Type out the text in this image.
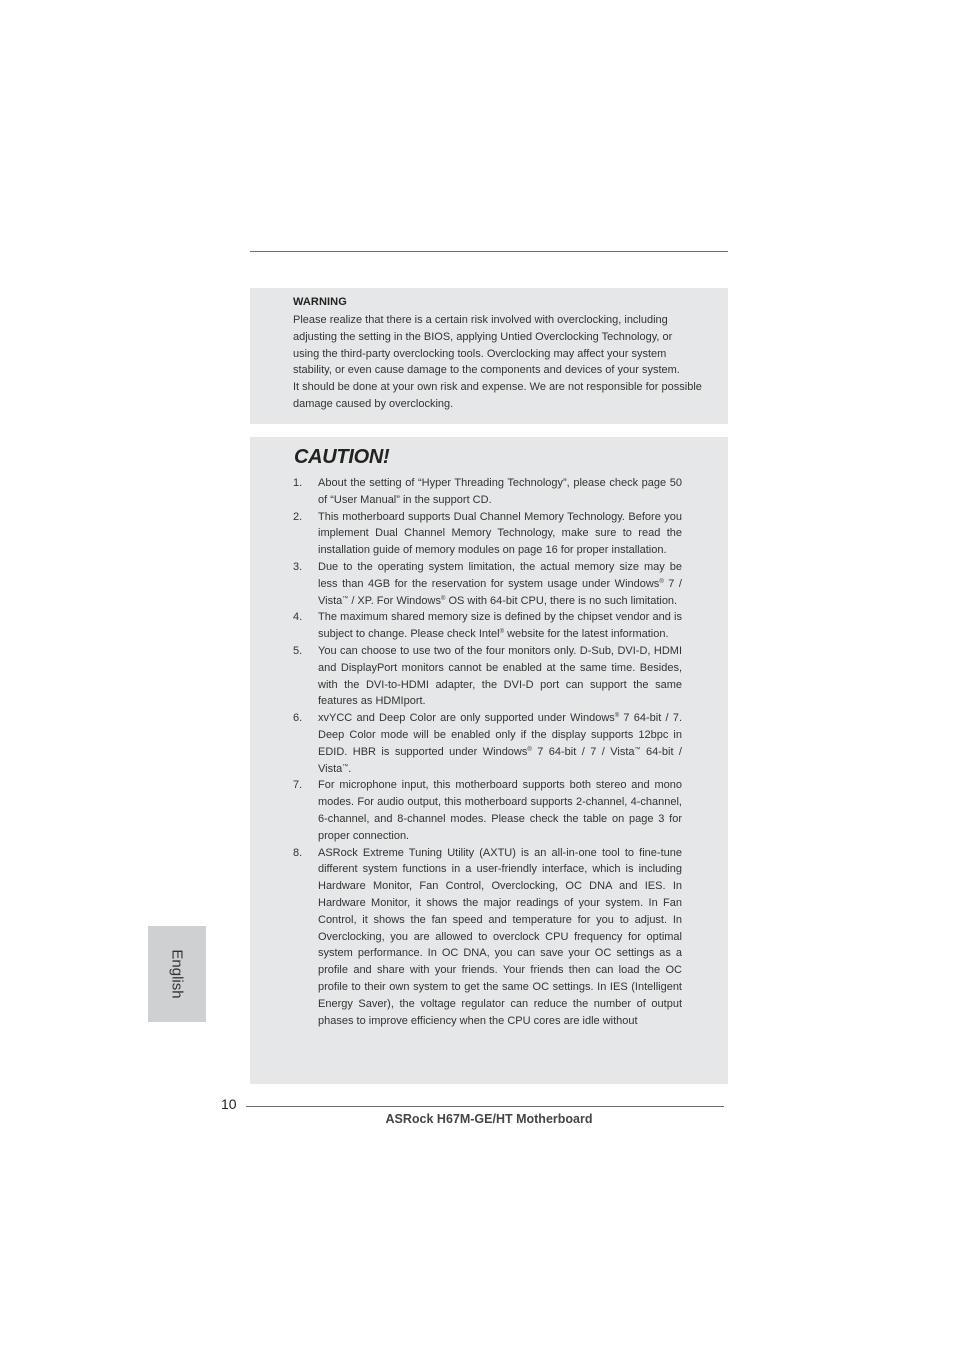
WARNING
Please realize that there is a certain risk involved with overclocking, including
adjusting the setting in the BIOS, applying Untied Overclocking Technology, or
using the third-party overclocking tools. Overclocking may affect your system
stability, or even cause damage to the components and devices of your system.
It should be done at your own risk and expense. We are not responsible for possible
damage caused by overclocking.
CAUTION!
1. About the setting of “Hyper Threading Technology”, please check page 50 of “User Manual” in the support CD.
2. This motherboard supports Dual Channel Memory Technology. Before you implement Dual Channel Memory Technology, make sure to read the installation guide of memory modules on page 16 for proper installation.
3. Due to the operating system limitation, the actual memory size may be less than 4GB for the reservation for system usage under Windows® 7 / Vista™ / XP. For Windows® OS with 64-bit CPU, there is no such limitation.
4. The maximum shared memory size is defined by the chipset vendor and is subject to change. Please check Intel® website for the latest information.
5. You can choose to use two of the four monitors only. D-Sub, DVI-D, HDMI and DisplayPort monitors cannot be enabled at the same time. Besides, with the DVI-to-HDMI adapter, the DVI-D port can support the same features as HDMIport.
6. xvYCC and Deep Color are only supported under Windows® 7 64-bit / 7. Deep Color mode will be enabled only if the display supports 12bpc in EDID. HBR is supported under Windows® 7 64-bit / 7 / Vista™ 64-bit / Vista™.
7. For microphone input, this motherboard supports both stereo and mono modes. For audio output, this motherboard supports 2-channel, 4-channel, 6-channel, and 8-channel modes. Please check the table on page 3 for proper connection.
8. ASRock Extreme Tuning Utility (AXTU) is an all-in-one tool to fine-tune different system functions in a user-friendly interface, which is including Hardware Monitor, Fan Control, Overclocking, OC DNA and IES. In Hardware Monitor, it shows the major readings of your system. In Fan Control, it shows the fan speed and temperature for you to adjust. In Overclocking, you are allowed to overclock CPU frequency for optimal system performance. In OC DNA, you can save your OC settings as a profile and share with your friends. Your friends then can load the OC profile to their own system to get the same OC settings. In IES (Intelligent Energy Saver), the voltage regulator can reduce the number of output phases to improve efficiency when the CPU cores are idle without
English
10
ASRock H67M-GE/HT Motherboard
